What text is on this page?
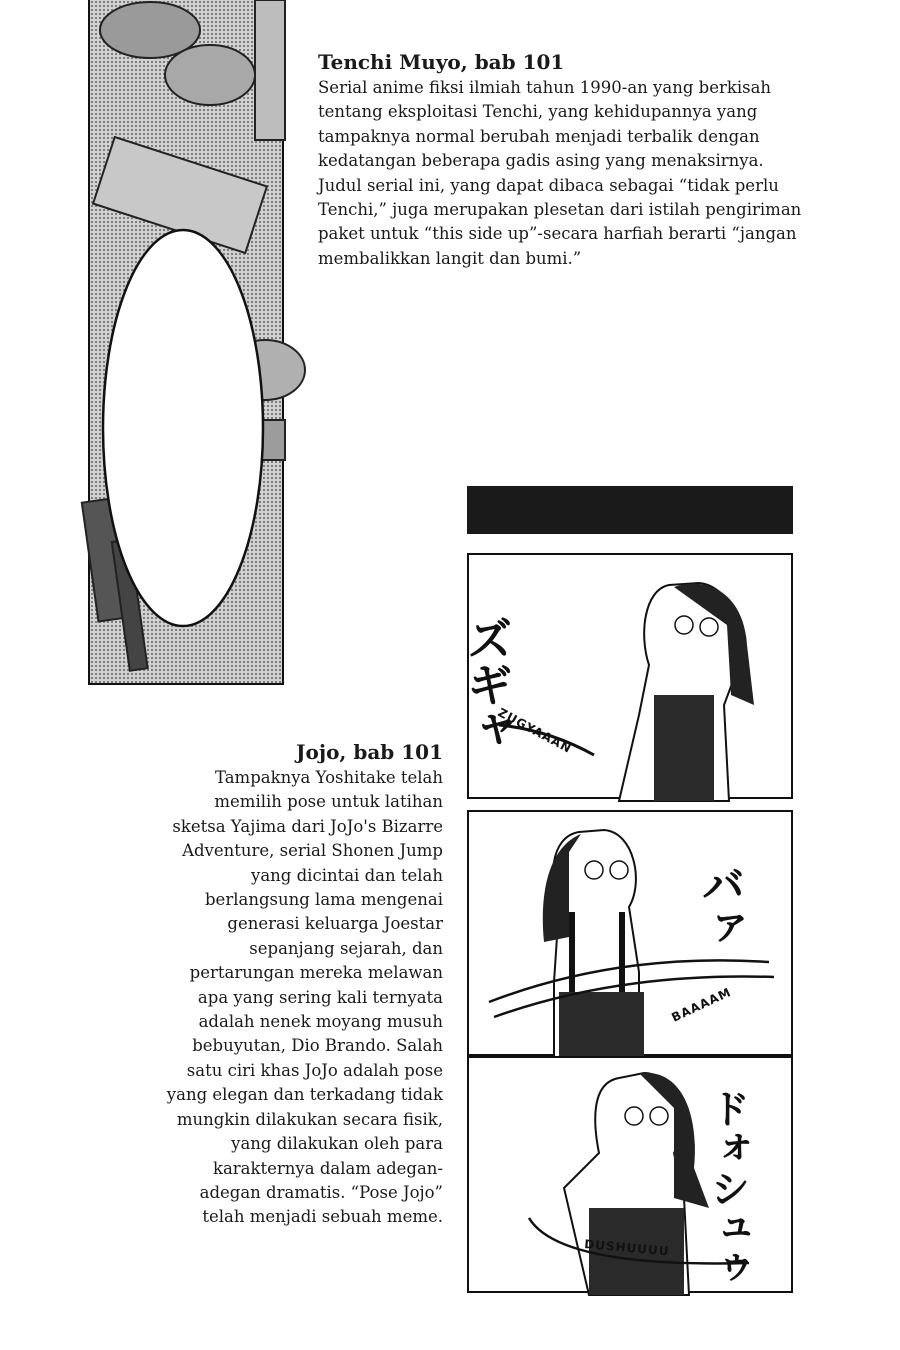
Tenchi Muyo, bab 101

Serial anime fiksi ilmiah tahun 1990-an yang berkisah tentang eksploitasi Tenchi, yang kehidupannya yang tampaknya normal berubah menjadi terbalik dengan kedatangan beberapa gadis asing yang menaksirnya. Judul serial ini, yang dapat dibaca sebagai “tidak perlu Tenchi,” juga merupakan plesetan dari istilah pengiriman paket untuk “this side up”-secara harfiah berarti “jangan membalikkan langit dan bumi.”

ズギャ
ZUGYAAAN
バァ
BAAAAM
ドォシュゥ
DUSHUUUU

Jojo, bab 101

Tampaknya Yoshitake telah memilih pose untuk latihan sketsa Yajima dari JoJo's Bizarre Adventure, serial Shonen Jump yang dicintai dan telah berlangsung lama mengenai generasi keluarga Joestar sepanjang sejarah, dan pertarungan mereka melawan apa yang sering kali ternyata adalah nenek moyang musuh bebuyutan, Dio Brando. Salah satu ciri khas JoJo adalah pose yang elegan dan terkadang tidak mungkin dilakukan secara fisik, yang dilakukan oleh para karakternya dalam adegan-adegan dramatis. “Pose Jojo” telah menjadi sebuah meme.
